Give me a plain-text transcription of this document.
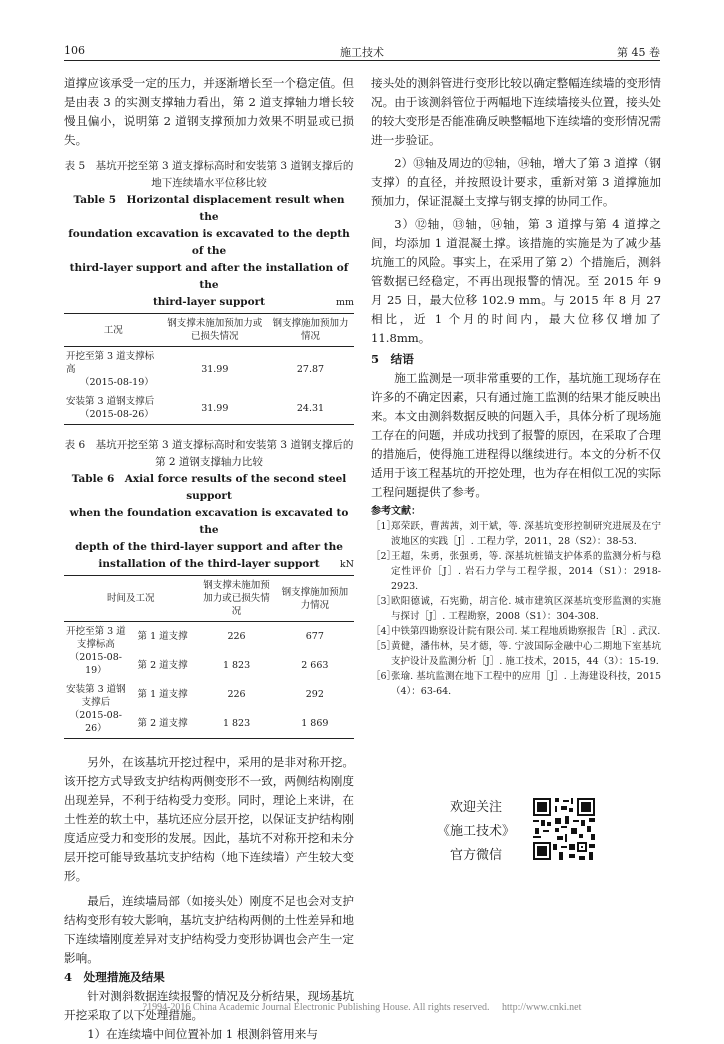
106	施工技术	第 45 卷

道撑应该承受一定的压力，并逐渐增长至一个稳定值。但是由表 3 的实测支撑轴力看出，第 2 道支撑轴力增长较慢且偏小，说明第 2 道钢支撑预加力效果不明显或已损失。

表 5　基坑开挖至第 3 道支撑标高时和安装第 3 道钢支撑后的地下连续墙水平位移比较
Table 5　Horizontal displacement result when the
foundation excavation is excavated to the depth of the
third-layer support and after the installation of the
third-layer support	mm
工况	钢支撑未施加预加力或已损失情况	钢支撑施加预加力情况

开挖至第 3 道支撑标高
（2015-08-19）	31.99	27.87

安装第 3 道钢支撑后
（2015-08-26）	31.99	24.31
表 6　基坑开挖至第 3 道支撑标高时和安装第 3 道钢支撑后的第 2 道钢支撑轴力比较
Table 6　Axial force results of the second steel support
when the foundation excavation is excavated to the
depth of the third-layer support and after the
installation of the third-layer support kN
时间及工况		钢支撑未施加预加力或已损失情况	钢支撑施加预加力情况

开挖至第 3 道支撑标高
（2015-08-19）	第 1 道支撑	226	677
	第 2 道支撑	1 823	2 663

安装第 3 道钢支撑后
（2015-08-26）	第 1 道支撑	226	292
	第 2 道支撑	1 823	1 869

另外，在该基坑开挖过程中，采用的是非对称开挖。该开挖方式导致支护结构两侧变形不一致，两侧结构刚度出现差异，不利于结构受力变形。同时，理论上来讲，在土性差的软土中，基坑还应分层开挖，以保证支护结构刚度适应受力和变形的发展。因此，基坑不对称开挖和未分层开挖可能导致基坑支护结构（地下连续墙）产生较大变形。

最后，连续墙局部（如接头处）刚度不足也会对支护结构变形有较大影响，基坑支护结构两侧的土性差异和地下连续墙刚度差异对支护结构受力变形协调也会产生一定影响。

4　处理措施及结果

针对测斜数据连续报警的情况及分析结果，现场基坑开挖采取了以下处理措施。

1）在连续墙中间位置补加 1 根测斜管用来与

接头处的测斜管进行变形比较以确定整幅连续墙的变形情况。由于该测斜管位于两幅地下连续墙接头位置，接头处的较大变形是否能准确反映整幅地下连续墙的变形情况需进一步验证。

2）⑬轴及周边的⑫轴，⑭轴，增大了第 3 道撑（钢支撑）的直径，并按照设计要求，重新对第 3 道撑施加预加力，保证混凝土支撑与钢支撑的协同工作。

3）⑫轴，⑬轴，⑭轴，第 3 道撑与第 4 道撑之间，均添加 1 道混凝土撑。该措施的实施是为了减少基坑施工的风险。事实上，在采用了第 2）个措施后，测斜管数据已经稳定，不再出现报警的情况。至 2015 年 9 月 25 日，最大位移 102.9 mm。与 2015 年 8 月 27 相比，近 1 个月的时间内，最大位移仅增加了 11.8mm。

5　结语

施工监测是一项非常重要的工作，基坑施工现场存在许多的不确定因素，只有通过施工监测的结果才能反映出来。本文由测斜数据反映的问题入手，具体分析了现场施工存在的问题，并成功找到了报警的原因，在采取了合理的措施后，使得施工进程得以继续进行。本文的分析不仅适用于该工程基坑的开挖处理，也为存在相似工况的实际工程问题提供了参考。

参考文献：
［1］
郑荣跃，曹茜茜，刘干斌，等. 深基坑变形控制研究进展及在宁波地区的实践［J］. 工程力学，2011，28（S2）：38-53.
［2］
王超，朱勇，张强勇，等. 深基坑桩锚支护体系的监测分析与稳定性评价［J］. 岩石力学与工程学报，2014（S1）：2918-2923.
［3］
欧阳德诚，石宪勤，胡言伦. 城市建筑区深基坑变形监测的实施与探讨［J］. 工程勘察，2008（S1）：304-308.
［4］
中铁第四勘察设计院有限公司. 某工程地质勘察报告［R］. 武汉.
［5］
黄健，潘伟林，吴才德，等. 宁波国际金融中心二期地下室基坑支护设计及监测分析［J］. 施工技术，2015，44（3）：15-19.
［6］
张瑜. 基坑监测在地下工程中的应用［J］. 上海建设科技，2015（4）：63-64.
欢迎关注
《施工技术》
官方微信
?1994-2016 China Academic Journal Electronic Publishing House. All rights reserved.　 http://www.cnki.net
